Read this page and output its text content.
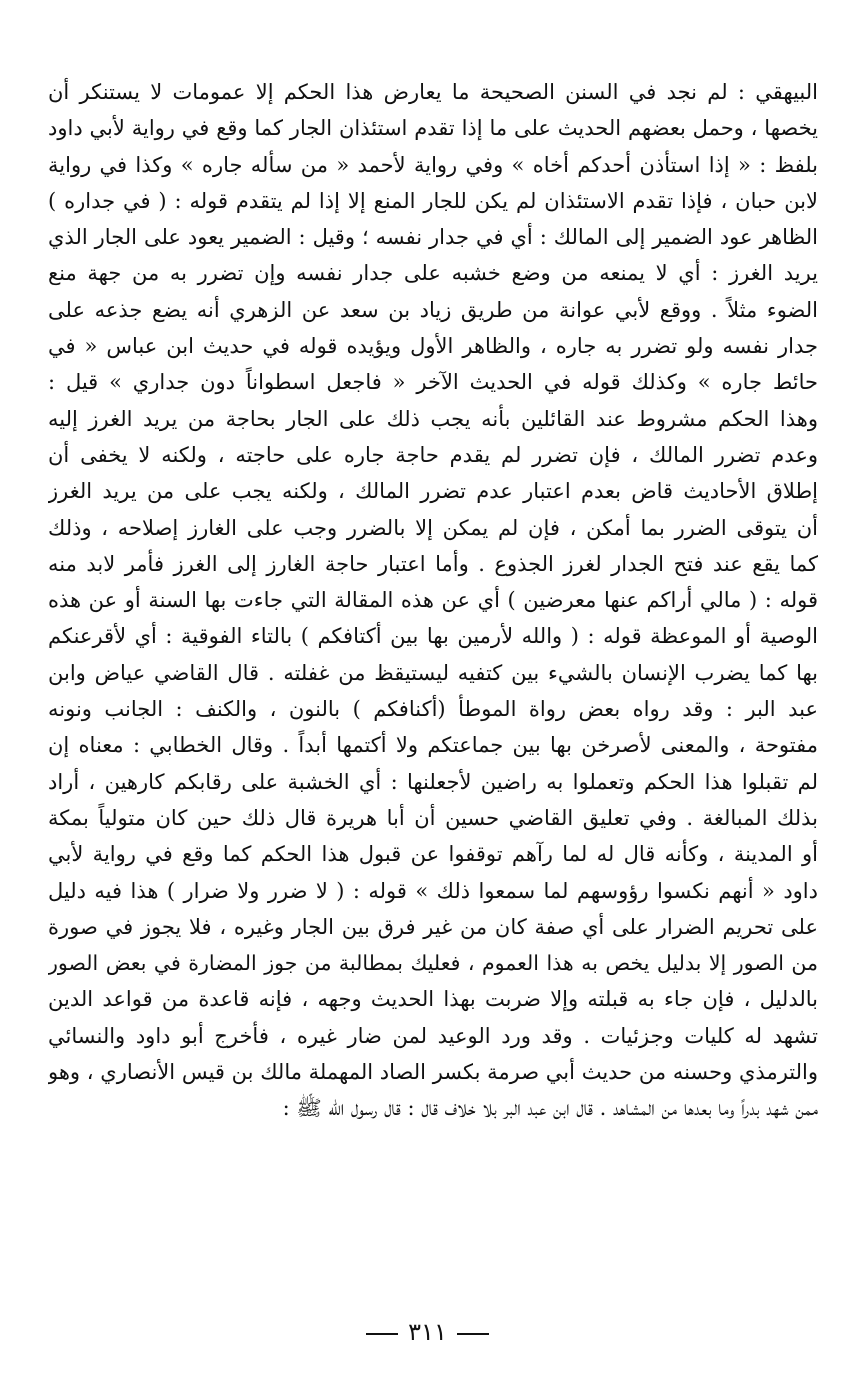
البيهقي : لم نجد في السنن الصحيحة ما يعارض هذا الحكم إلا عمومات لا يستنكر أن
يخصها ، وحمل بعضهم الحديث على ما إذا تقدم استئذان الجار كما وقع في رواية لأبي داود
بلفظ : « إذا استأذن أحدكم أخاه » وفي رواية لأحمد « من سأله جاره » وكذا في رواية
لابن حبان ، فإذا تقدم الاستئذان لم يكن للجار المنع إلا إذا لم يتقدم قوله : ( في جداره )
الظاهر عود الضمير إلى المالك : أي في جدار نفسه ؛ وقيل : الضمير يعود على الجار الذي
يريد الغرز : أي لا يمنعه من وضع خشبه على جدار نفسه وإن تضرر به من جهة منع
الضوء مثلاً . ووقع لأبي عوانة من طريق زياد بن سعد عن الزهري أنه يضع جذعه على
جدار نفسه ولو تضرر به جاره ، والظاهر الأول ويؤيده قوله في حديث ابن عباس « في
حائط جاره » وكذلك قوله في الحديث الآخر « فاجعل اسطواناً دون جداري » قيل :
وهذا الحكم مشروط عند القائلين بأنه يجب ذلك على الجار بحاجة من يريد الغرز إليه
وعدم تضرر المالك ، فإن تضرر لم يقدم حاجة جاره على حاجته ، ولكنه لا يخفى أن
إطلاق الأحاديث قاض بعدم اعتبار عدم تضرر المالك ، ولكنه يجب على من يريد الغرز
أن يتوقى الضرر بما أمكن ، فإن لم يمكن إلا بالضرر وجب على الغارز إصلاحه ، وذلك
كما يقع عند فتح الجدار لغرز الجذوع . وأما اعتبار حاجة الغارز إلى الغرز فأمر لابد منه
قوله : ( مالي أراكم عنها معرضين ) أي عن هذه المقالة التي جاءت بها السنة أو عن هذه
الوصية أو الموعظة قوله : ( والله لأرمين بها بين أكتافكم ) بالتاء الفوقية : أي لأقرعنكم
بها كما يضرب الإنسان بالشيء بين كتفيه ليستيقظ من غفلته . قال القاضي عياض وابن
عبد البر : وقد رواه بعض رواة الموطأ (أكنافكم ) بالنون ، والكنف : الجانب ونونه
مفتوحة ، والمعنى لأصرخن بها بين جماعتكم ولا أكتمها أبداً . وقال الخطابي : معناه إن
لم تقبلوا هذا الحكم وتعملوا به راضين لأجعلنها : أي الخشبة على رقابكم كارهين ، أراد
بذلك المبالغة . وفي تعليق القاضي حسين أن أبا هريرة قال ذلك حين كان متولياً بمكة
أو المدينة ، وكأنه قال له لما رآهم توقفوا عن قبول هذا الحكم كما وقع في رواية لأبي
داود « أنهم نكسوا رؤوسهم لما سمعوا ذلك » قوله : ( لا ضرر ولا ضرار ) هذا فيه دليل
على تحريم الضرار على أي صفة كان من غير فرق بين الجار وغيره ، فلا يجوز في صورة
من الصور إلا بدليل يخص به هذا العموم ، فعليك بمطالبة من جوز المضارة في بعض الصور
بالدليل ، فإن جاء به قبلته وإلا ضربت بهذا الحديث وجهه ، فإنه قاعدة من قواعد الدين
تشهد له كليات وجزئيات . وقد ورد الوعيد لمن ضار غيره ، فأخرج أبو داود والنسائي
والترمذي وحسنه من حديث أبي صرمة بكسر الصاد المهملة مالك بن قيس الأنصاري ، وهو
ممن شهد بدراً وما بعدها من المشاهد . قال ابن عبد البر بلا خلاف قال : قال رسول الله ﷺ :
٣١١
